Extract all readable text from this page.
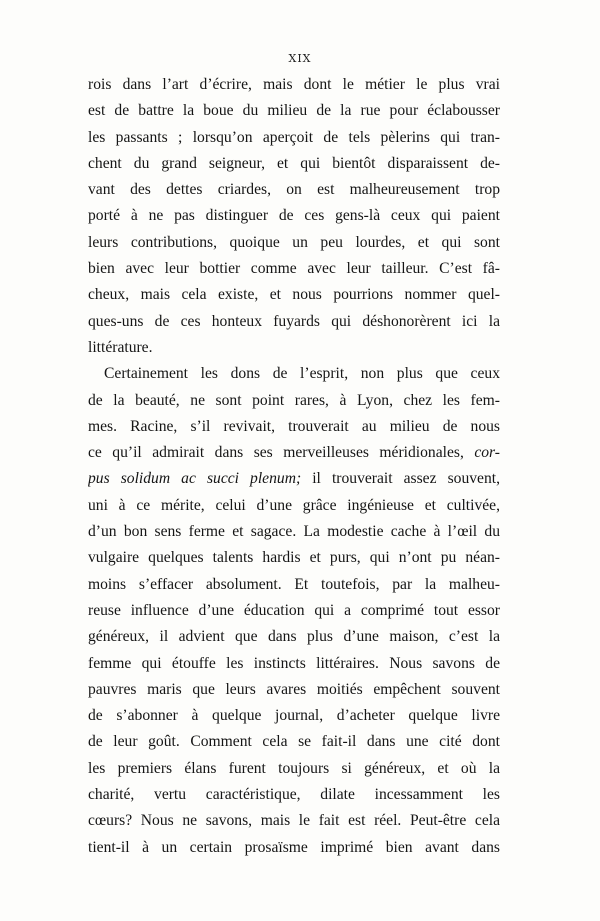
XIX
rois dans l’art d’écrire, mais dont le métier le plus vrai
est de battre la boue du milieu de la rue pour éclabousser
les passants ; lorsqu’on aperçoit de tels pèlerins qui tran-
chent du grand seigneur, et qui bientôt disparaissent de-
vant des dettes criardes, on est malheureusement trop
porté à ne pas distinguer de ces gens-là ceux qui paient
leurs contributions, quoique un peu lourdes, et qui sont
bien avec leur bottier comme avec leur tailleur. C’est fâ-
cheux, mais cela existe, et nous pourrions nommer quel-
ques-uns de ces honteux fuyards qui déshonorèrent ici la
littérature.
Certainement les dons de l’esprit, non plus que ceux
de la beauté, ne sont point rares, à Lyon, chez les fem-
mes. Racine, s’il revivait, trouverait au milieu de nous
ce qu’il admirait dans ses merveilleuses méridionales, cor-
pus solidum ac succi plenum; il trouverait assez souvent,
uni à ce mérite, celui d’une grâce ingénieuse et cultivée,
d’un bon sens ferme et sagace. La modestie cache à l’œil du
vulgaire quelques talents hardis et purs, qui n’ont pu néan-
moins s’effacer absolument. Et toutefois, par la malheu-
reuse influence d’une éducation qui a comprimé tout essor
généreux, il advient que dans plus d’une maison, c’est la
femme qui étouffe les instincts littéraires. Nous savons de
pauvres maris que leurs avares moitiés empêchent souvent
de s’abonner à quelque journal, d’acheter quelque livre
de leur goût. Comment cela se fait-il dans une cité dont
les premiers élans furent toujours si généreux, et où la
charité, vertu caractéristique, dilate incessamment les
cœurs? Nous ne savons, mais le fait est réel. Peut-être cela
tient-il à un certain prosaïsme imprimé bien avant dans
